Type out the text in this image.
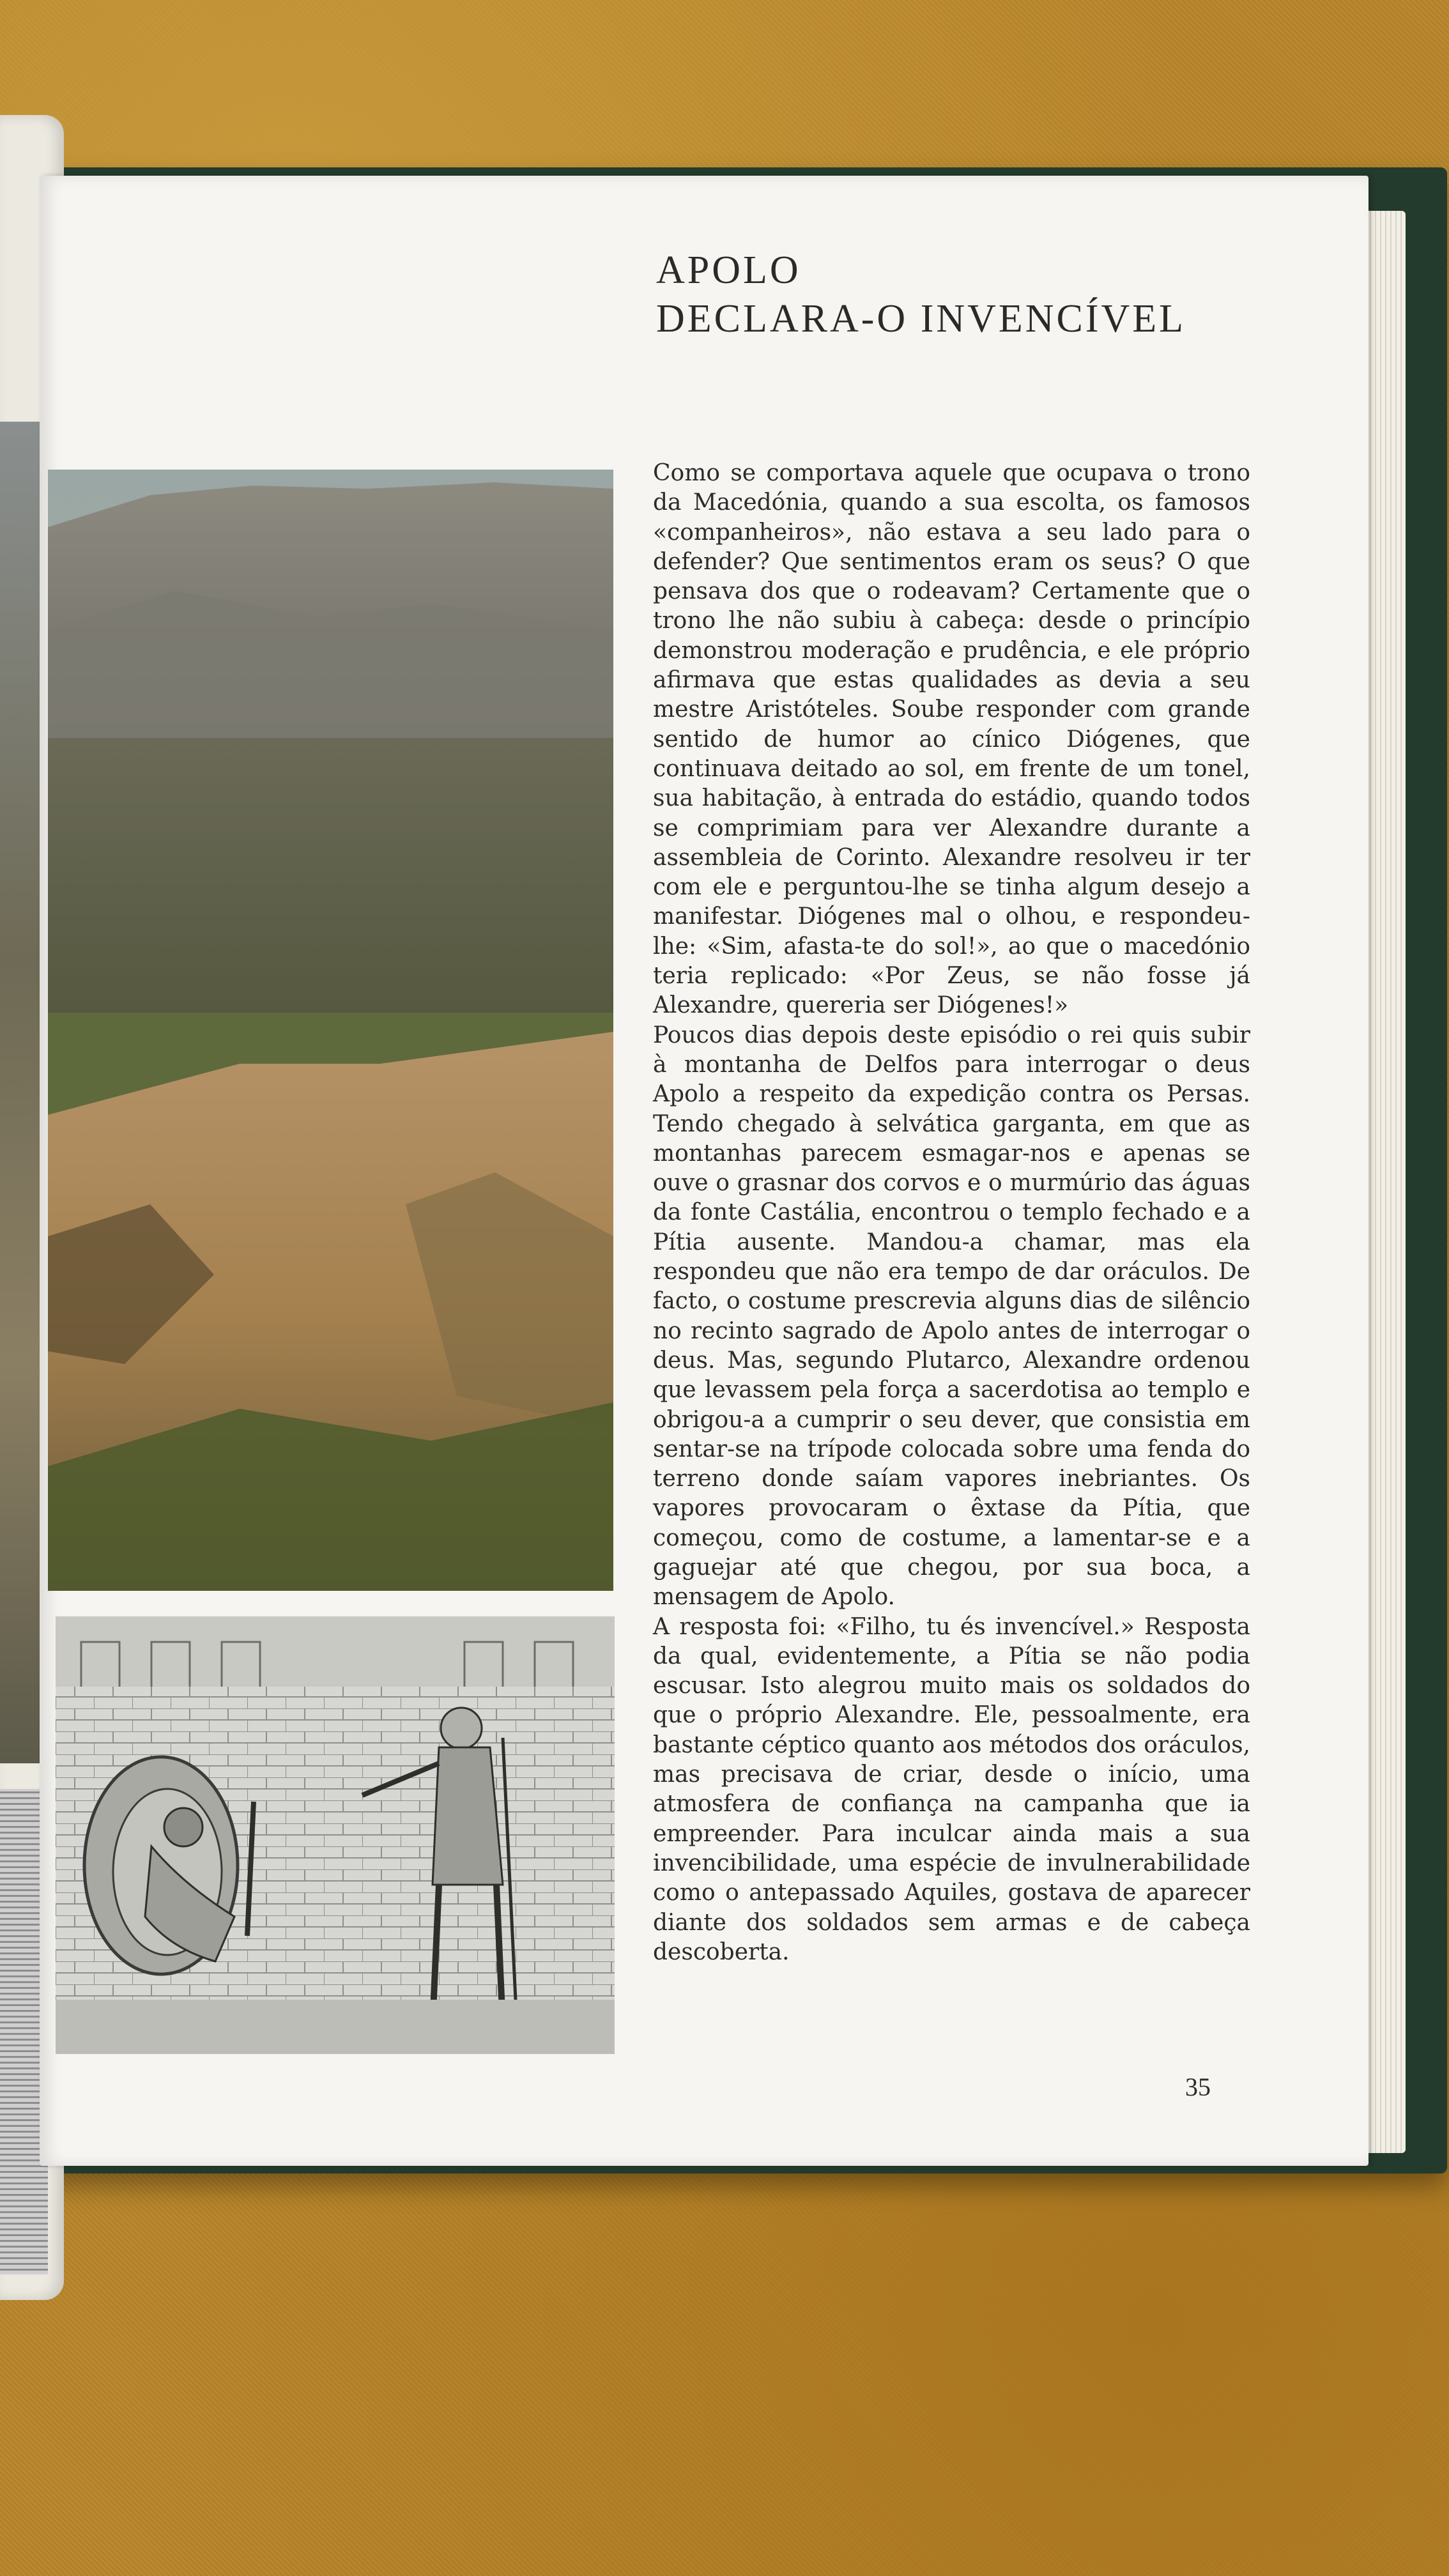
APOLO
DECLARA-O INVENCÍVEL

Como se comportava aquele que ocupava o trono da Macedónia, quando a sua escolta, os famosos «companheiros», não estava a seu lado para o defender? Que sentimentos eram os seus? O que pensava dos que o rodeavam? Certamente que o trono lhe não subiu à cabeça: desde o princípio demonstrou moderação e prudência, e ele próprio afirmava que estas qualidades as devia a seu mestre Aristóteles. Soube responder com grande sentido de humor ao cínico Diógenes, que continuava deitado ao sol, em frente de um tonel, sua habitação, à entrada do estádio, quando todos se comprimiam para ver Alexandre durante a assembleia de Corinto. Alexandre resolveu ir ter com ele e perguntou-lhe se tinha algum desejo a manifestar. Diógenes mal o olhou, e respondeu-lhe: «Sim, afasta-te do sol!», ao que o macedónio teria replicado: «Por Zeus, se não fosse já Alexandre, quereria ser Diógenes!»

Poucos dias depois deste episódio o rei quis subir à montanha de Delfos para interrogar o deus Apolo a respeito da expedição contra os Persas. Tendo chegado à selvática garganta, em que as montanhas parecem esmagar-nos e apenas se ouve o grasnar dos corvos e o murmúrio das águas da fonte Castália, encontrou o templo fechado e a Pítia ausente. Mandou-a chamar, mas ela respondeu que não era tempo de dar oráculos. De facto, o costume prescrevia alguns dias de silêncio no recinto sagrado de Apolo antes de interrogar o deus. Mas, segundo Plutarco, Alexandre ordenou que levassem pela força a sacerdotisa ao templo e obrigou-a a cumprir o seu dever, que consistia em sentar-se na trípode colocada sobre uma fenda do terreno donde saíam vapores inebriantes. Os vapores provocaram o êxtase da Pítia, que começou, como de costume, a lamentar-se e a gaguejar até que chegou, por sua boca, a mensagem de Apolo.

A resposta foi: «Filho, tu és invencível.» Resposta da qual, evidentemente, a Pítia se não podia escusar. Isto alegrou muito mais os soldados do que o próprio Alexandre. Ele, pessoalmente, era bastante céptico quanto aos métodos dos oráculos, mas precisava de criar, desde o início, uma atmosfera de confiança na campanha que ia empreender. Para inculcar ainda mais a sua invencibilidade, uma espécie de invulnerabilidade como o antepassado Aquiles, gostava de aparecer diante dos soldados sem armas e de cabeça descoberta.

35
